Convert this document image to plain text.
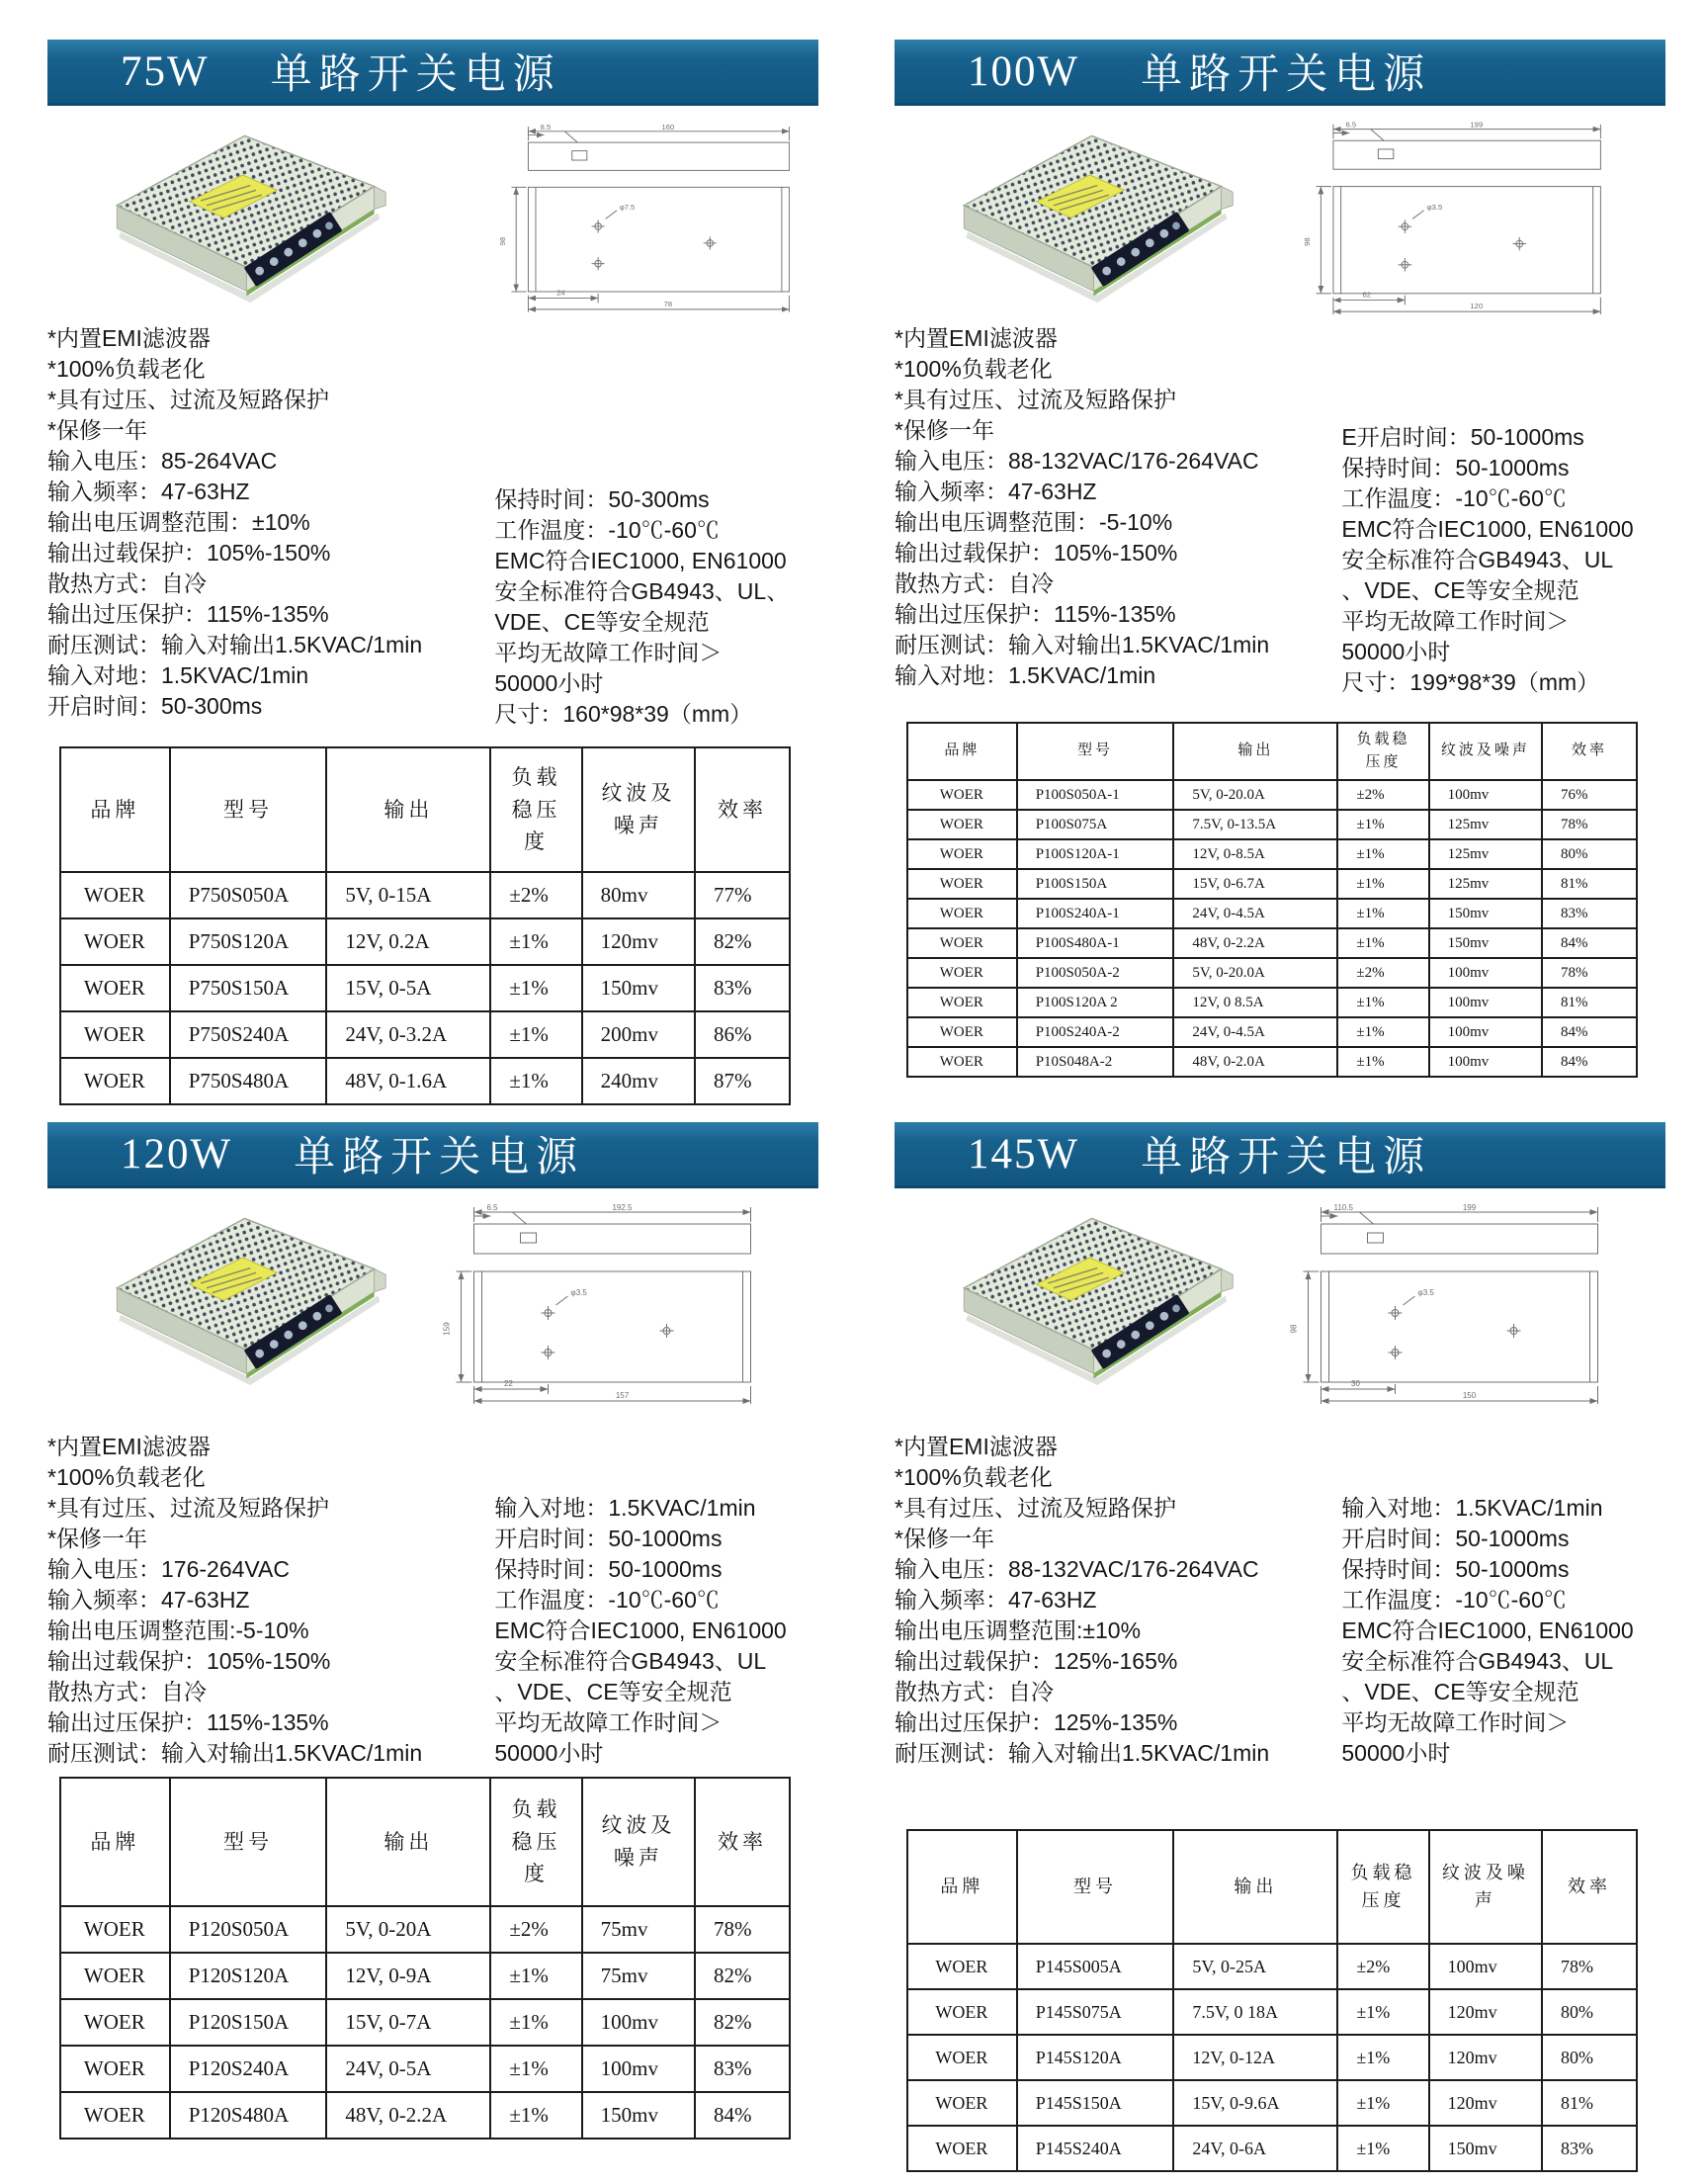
75W 单路开关电源
8.5	160
24
78
φ7.5
98
*内置EMI滤波器
*100%负载老化
*具有过压、过流及短路保护
*保修一年
输入电压：85-264VAC
输入频率：47-63HZ
输出电压调整范围：±10%
输出过载保护：105%-150%
散热方式：自冷
输出过压保护：115%-135%
耐压测试：输入对输出1.5KVAC/1min
输入对地：1.5KVAC/1min
开启时间：50-300ms
保持时间：50-300ms
工作温度：-10℃-60℃
EMC符合IEC1000, EN61000
安全标准符合GB4943、UL、
VDE、CE等安全规范
平均无故障工作时间＞
50000小时
尺寸：160*98*39（mm）
品牌	型号	输出	负载稳压度	纹波及噪声	效率
WOER	P750S050A	5V, 0-15A	±2%	80mv	77%
WOER	P750S120A	12V, 0.2A	±1%	120mv	82%
WOER	P750S150A	15V, 0-5A	±1%	150mv	83%
WOER	P750S240A	24V, 0-3.2A	±1%	200mv	86%
WOER	P750S480A	48V, 0-1.6A	±1%	240mv	87%
100W 单路开关电源
6.5	199
62
120
φ3.5
98
*内置EMI滤波器
*100%负载老化
*具有过压、过流及短路保护
*保修一年
输入电压：88-132VAC/176-264VAC
输入频率：47-63HZ
输出电压调整范围：-5-10%
输出过载保护：105%-150%
散热方式：自冷
输出过压保护：115%-135%
耐压测试：输入对输出1.5KVAC/1min
输入对地：1.5KVAC/1min
E开启时间：50-1000ms
保持时间：50-1000ms
工作温度：-10℃-60℃
EMC符合IEC1000, EN61000
安全标准符合GB4943、UL
、VDE、CE等安全规范
平均无故障工作时间＞
50000小时
尺寸：199*98*39（mm）
品牌	型号	输出	负载稳压度	纹波及噪声	效率
WOER	P100S050A-1	5V, 0-20.0A	±2%	100mv	76%
WOER	P100S075A	7.5V, 0-13.5A	±1%	125mv	78%
WOER	P100S120A-1	12V, 0-8.5A	±1%	125mv	80%
WOER	P100S150A	15V, 0-6.7A	±1%	125mv	81%
WOER	P100S240A-1	24V, 0-4.5A	±1%	150mv	83%
WOER	P100S480A-1	48V, 0-2.2A	±1%	150mv	84%
WOER	P100S050A-2	5V, 0-20.0A	±2%	100mv	78%
WOER	P100S120A 2	12V, 0 8.5A	±1%	100mv	81%
WOER	P100S240A-2	24V, 0-4.5A	±1%	100mv	84%
WOER	P10S048A-2	48V, 0-2.0A	±1%	100mv	84%
120W 单路开关电源
6.5	192.5
22
157
φ3.5
159
*内置EMI滤波器
*100%负载老化
*具有过压、过流及短路保护
*保修一年
输入电压：176-264VAC
输入频率：47-63HZ
输出电压调整范围:-5-10%
输出过载保护：105%-150%
散热方式：自冷
输出过压保护：115%-135%
耐压测试：输入对输出1.5KVAC/1min
输入对地：1.5KVAC/1min
开启时间：50-1000ms
保持时间：50-1000ms
工作温度：-10℃-60℃
EMC符合IEC1000, EN61000
安全标准符合GB4943、UL
、VDE、CE等安全规范
平均无故障工作时间＞
50000小时
品牌	型号	输出	负载稳压度	纹波及噪声	效率
WOER	P120S050A	5V, 0-20A	±2%	75mv	78%
WOER	P120S120A	12V, 0-9A	±1%	75mv	82%
WOER	P120S150A	15V, 0-7A	±1%	100mv	82%
WOER	P120S240A	24V, 0-5A	±1%	100mv	83%
WOER	P120S480A	48V, 0-2.2A	±1%	150mv	84%
145W 单路开关电源
110.5	199
30
150
φ3.5
98
*内置EMI滤波器
*100%负载老化
*具有过压、过流及短路保护
*保修一年
输入电压：88-132VAC/176-264VAC
输入频率：47-63HZ
输出电压调整范围:±10%
输出过载保护：125%-165%
散热方式：自冷
输出过压保护：125%-135%
耐压测试：输入对输出1.5KVAC/1min
输入对地：1.5KVAC/1min
开启时间：50-1000ms
保持时间：50-1000ms
工作温度：-10℃-60℃
EMC符合IEC1000, EN61000
安全标准符合GB4943、UL
、VDE、CE等安全规范
平均无故障工作时间＞
50000小时
品牌	型号	输出	负载稳压度	纹波及噪声	效率
WOER	P145S005A	5V, 0-25A	±2%	100mv	78%
WOER	P145S075A	7.5V, 0 18A	±1%	120mv	80%
WOER	P145S120A	12V, 0-12A	±1%	120mv	80%
WOER	P145S150A	15V, 0-9.6A	±1%	120mv	81%
WOER	P145S240A	24V, 0-6A	±1%	150mv	83%
